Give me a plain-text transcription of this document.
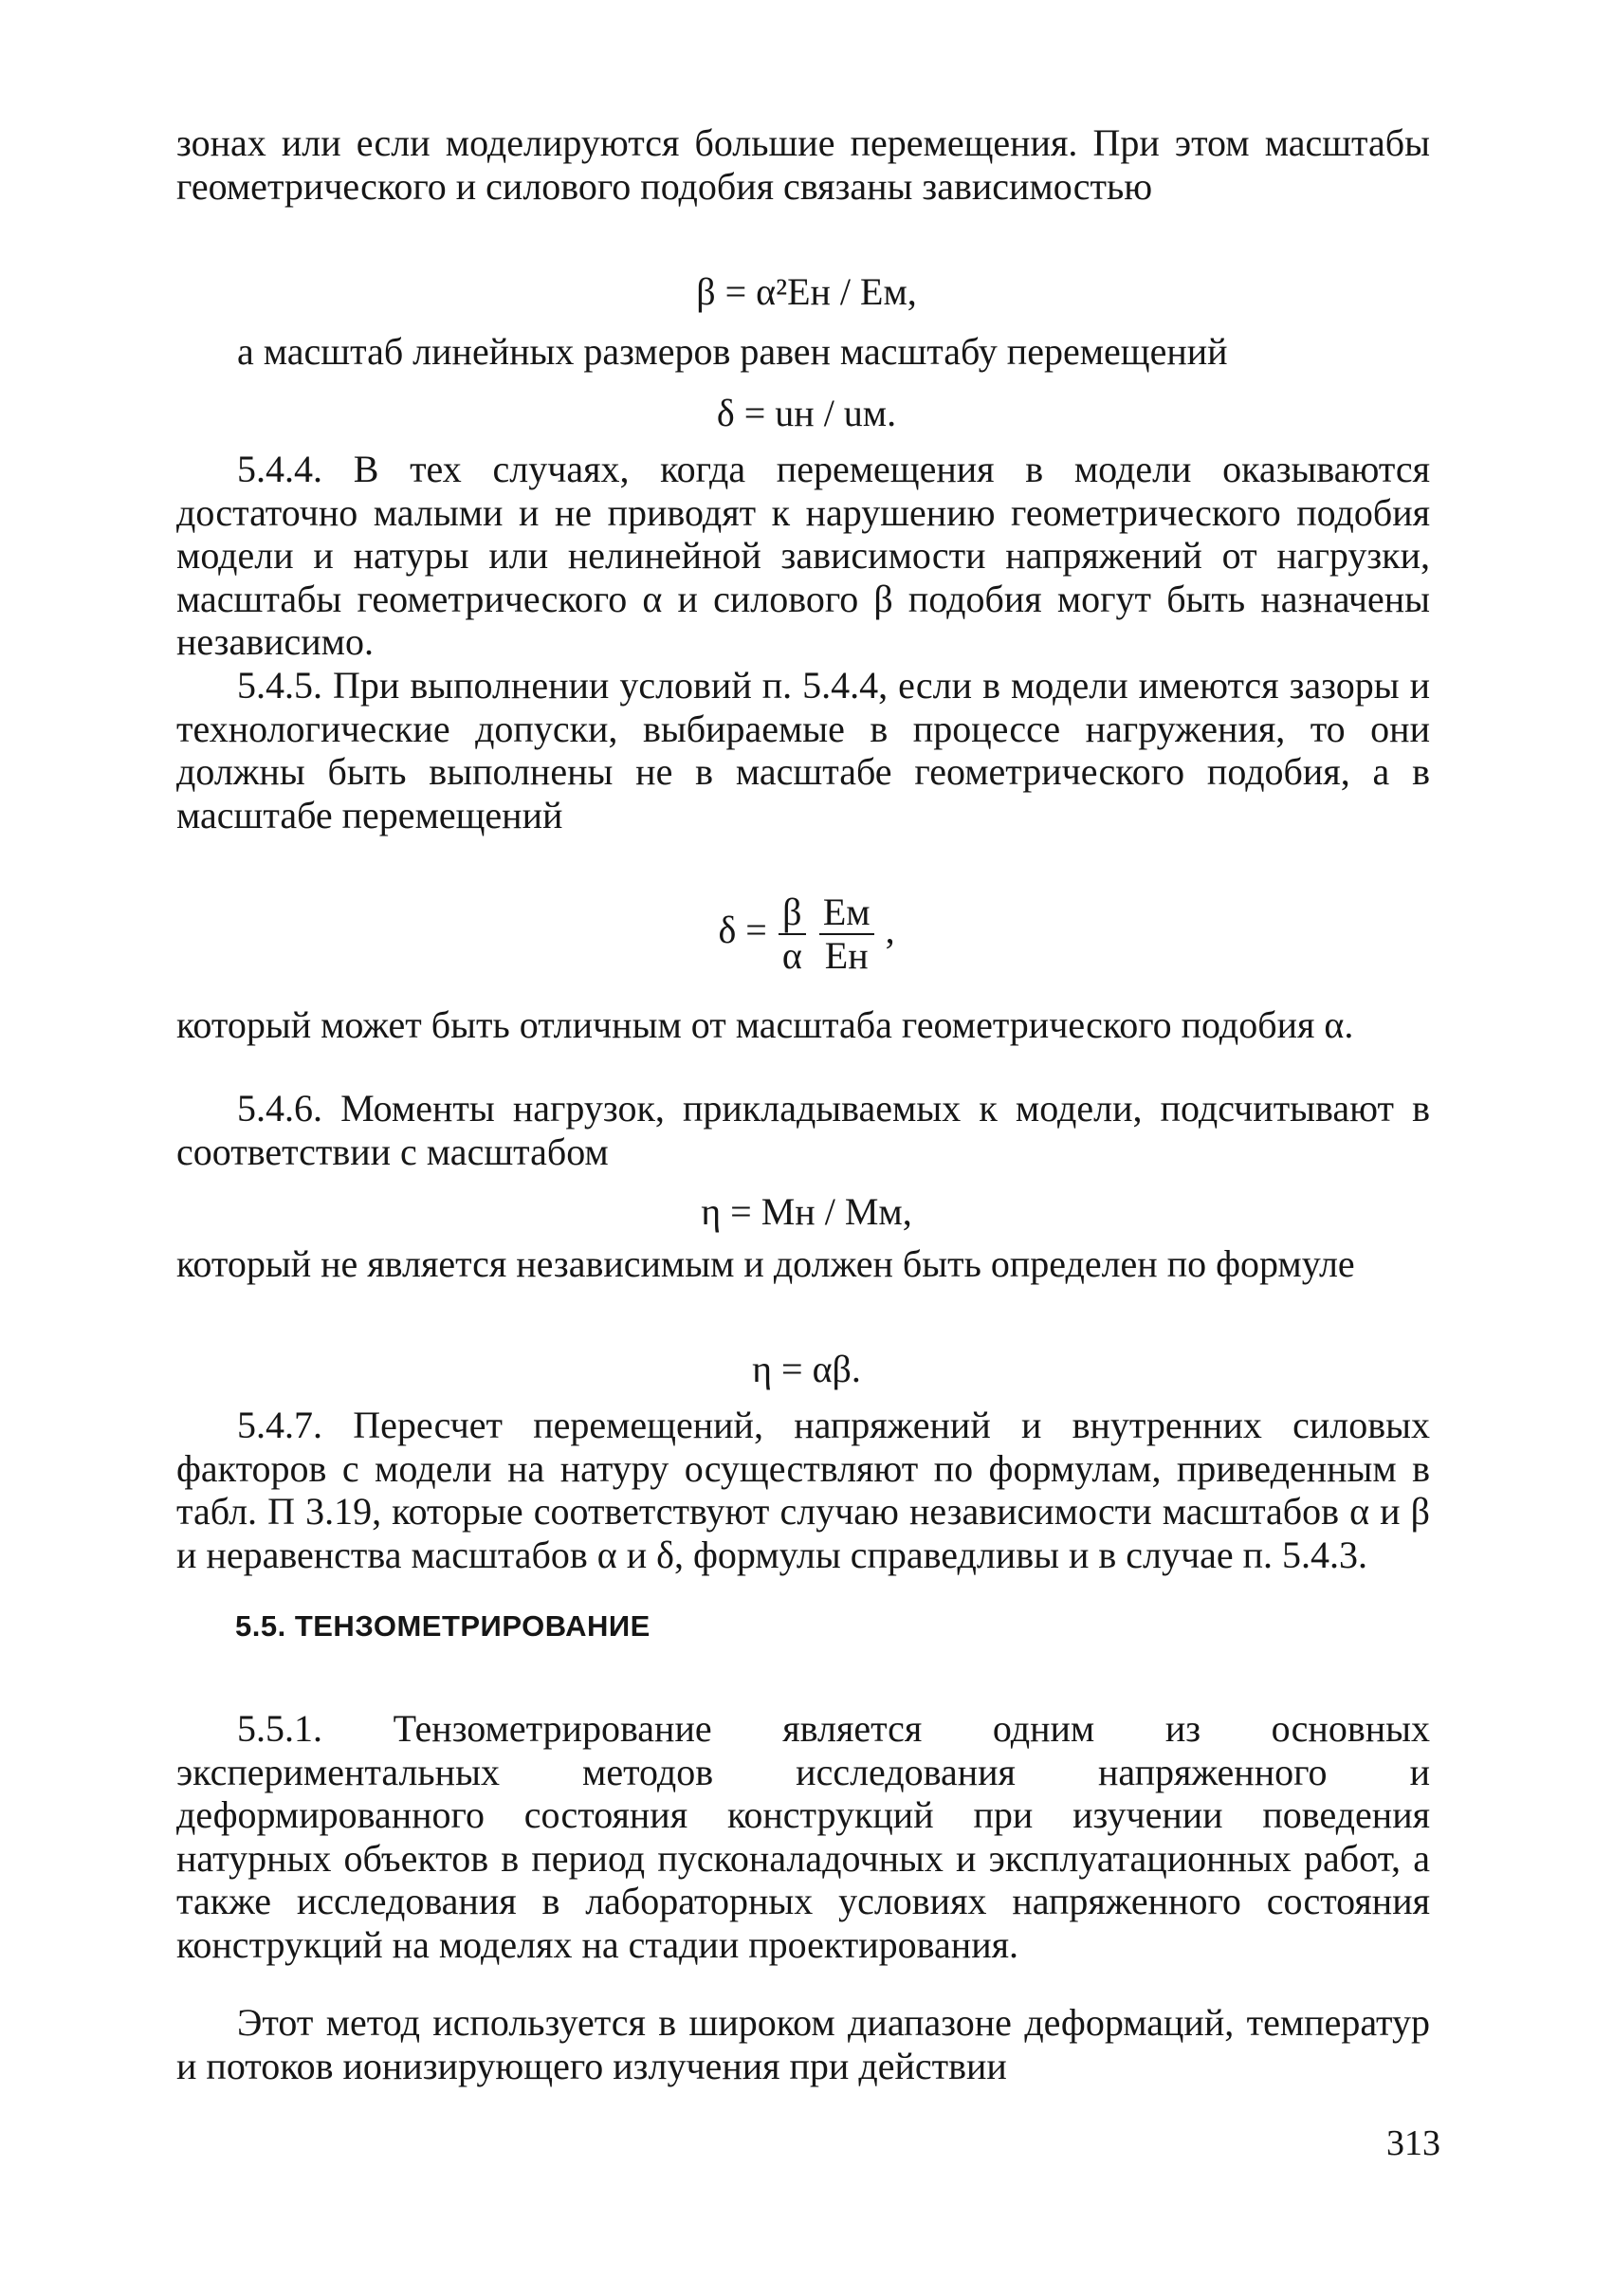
зонах или если моделируются большие перемещения. При этом масштабы геометрического и силового подобия связаны зависимостью

β = α²Eн / Eм,

а масштаб линейных размеров равен масштабу перемещений

δ = uн / uм.

5.4.4. В тех случаях, когда перемещения в модели оказываются достаточно малыми и не приводят к нарушению геометрического подобия модели и натуры или нелинейной зависимости напряжений от нагрузки, масштабы геометрического α и силового β подобия могут быть назначены независимо.

5.4.5. При выполнении условий п. 5.4.4, если в модели имеются зазоры и технологические допуски, выбираемые в процессе нагружения, то они должны быть выполнены не в масштабе геометрического подобия, а в масштабе перемещений

$\delta = \frac{\beta}{\alpha}$
$\frac{Eм}{Eн}$ ,

который может быть отличным от масштаба геометрического подобия α.

5.4.6. Моменты нагрузок, прикладываемых к модели, подсчитывают в соответствии с масштабом

η = Mн / Mм,

который не является независимым и должен быть определен по формуле

η = αβ.

5.4.7. Пересчет перемещений, напряжений и внутренних силовых факторов с модели на натуру осуществляют по формулам, приведенным в табл. П 3.19, которые соответствуют случаю независимости масштабов α и β и неравенства масштабов α и δ, формулы справедливы и в случае п. 5.4.3.

5.5. ТЕНЗОМЕТРИРОВАНИЕ

5.5.1. Тензометрирование является одним из основных экспериментальных методов исследования напряженного и деформированного состояния конструкций при изучении поведения натурных объектов в период пусконаладочных и эксплуатационных работ, а также исследования в лабораторных условиях напряженного состояния конструкций на моделях на стадии проектирования.

Этот метод используется в широком диапазоне деформаций, температур и потоков ионизирующего излучения при действии

313
